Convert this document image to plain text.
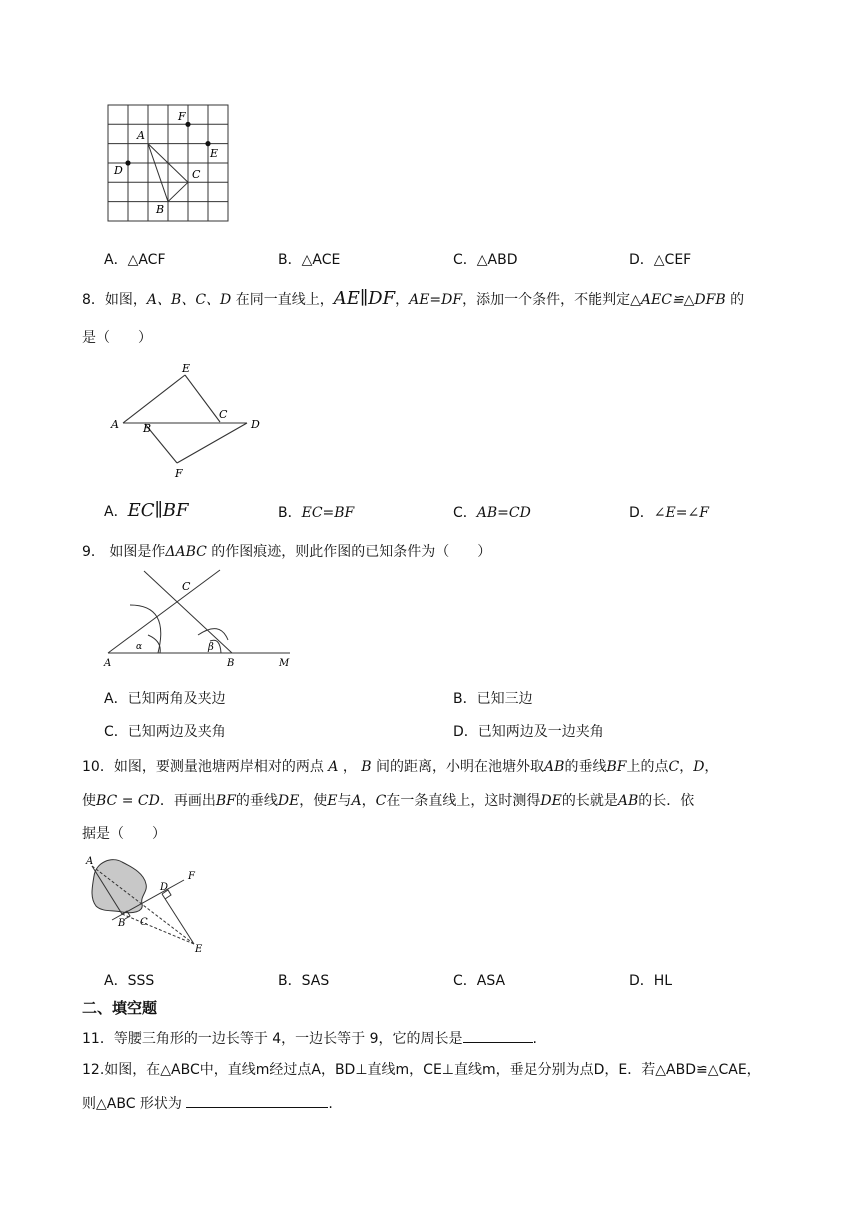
F
A
E
D	C
B
A．△ACF	B．△ACE	C．△ABD	D．△CEF
8．如图，A、B、C、D 在同一直线上，AE∥DF，AE=DF，添加一个条件，不能判定△AEC≌△DFB 的
是（　　）
E
A B
C
D
F
A．EC∥BF	B．EC=BF	C．AB=CD	D．∠E=∠F
9． 如图是作ΔABC 的作图痕迹，则此作图的已知条件为（　　）
C
A	B	M
α	β
A．已知两角及夹边	B．已知三边
C．已知两边及夹角	D．已知两边及一边夹角
10．如图，要测量池塘两岸相对的两点 A ， B 间的距离，小明在池塘外取AB的垂线BF上的点C，D，
使BC = CD．再画出BF的垂线DE，使E与A，C在一条直线上，这时测得DE的长就是AB的长．依
据是（　　）
A
F
D
B C
E
A．SSS	B．SAS	C．ASA	D．HL
二、填空题
11．等腰三角形的一边长等于 4，一边长等于 9，它的周长是	.
12.如图，在△ABC中，直线m经过点A，BD⊥直线m，CE⊥直线m，垂足分别为点D，E．若△ABD≌△CAE，
则△ABC 形状为	.
